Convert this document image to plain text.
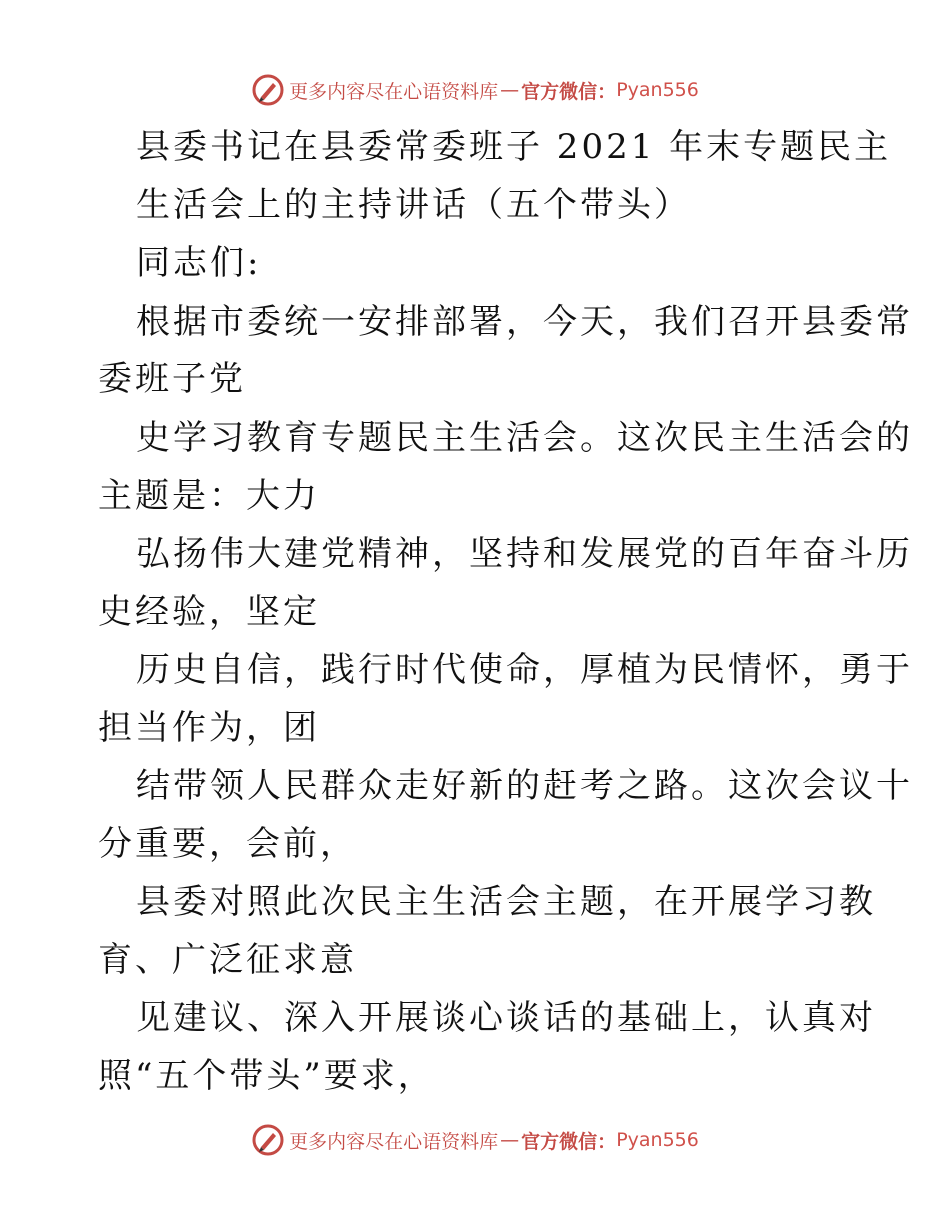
更多内容尽在心语资料库 — 官方微信： Pyan556
县委书记在县委常委班子 2021 年末专题民主
生活会上的主持讲话（五个带头）
同志们:
根据市委统一安排部署，今天，我们召开县委常
委班子党
史学习教育专题民主生活会。这次民主生活会的
主题是：大力
弘扬伟大建党精神，坚持和发展党的百年奋斗历
史经验，坚定
历史自信，践行时代使命，厚植为民情怀，勇于
担当作为，团
结带领人民群众走好新的赶考之路。这次会议十
分重要，会前，
县委对照此次民主生活会主题，在开展学习教
育、广泛征求意
见建议、深入开展谈心谈话的基础上，认真对
照“五个带头”要求，
更多内容尽在心语资料库 — 官方微信： Pyan556
